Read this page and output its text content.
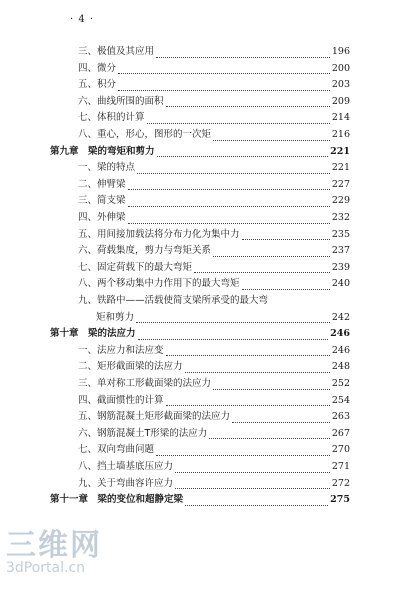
· 4 ·
三、极值及其应用	196
四、微分	200
五、积分	203
六、曲线所围的面积	209
七、体积的计算	214
八、重心，形心，图形的一次矩	216
第九章　梁的弯矩和剪力	221
一、梁的特点	221
二、伸臂梁	227
三、简支梁	229
四、外伸梁	232
五、用间接加载法将分布力化为集中力	235
六、荷载集度，剪力与弯矩关系	237
七、固定荷载下的最大弯矩	239
八、两个移动集中力作用下的最大弯矩	240
九、铁路中——活载使简支梁所承受的最大弯
矩和剪力	242
第十章　梁的法应力	246
一、法应力和法应变	246
二、矩形截面梁的法应力	248
三、单对称工形截面梁的法应力	252
四、截面惯性的计算	254
五、钢筋混凝土矩形截面梁的法应力	263
六、钢筋混凝土T形梁的法应力	267
七、双向弯曲问题	270
八、挡土墙基底压应力	271
九、关于弯曲容许应力	272
第十一章　梁的变位和超静定梁	275
三维网
3dPortal.cn
